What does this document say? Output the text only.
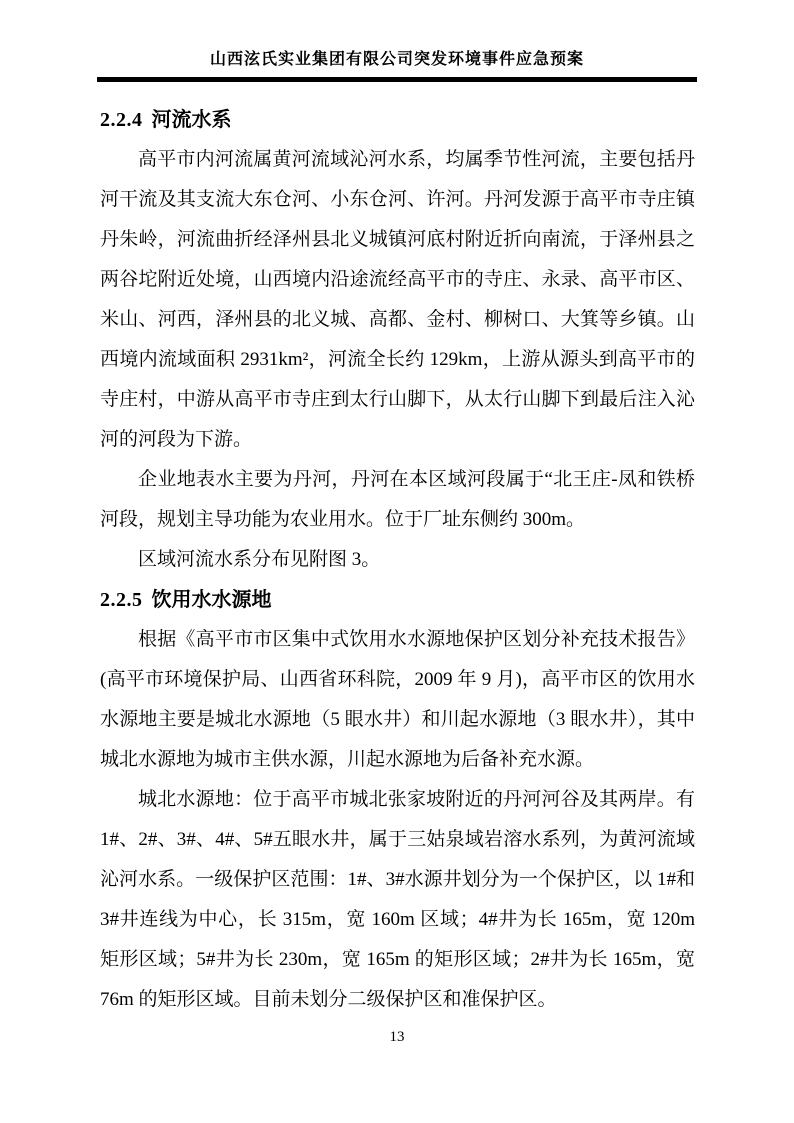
山西泫氏实业集团有限公司突发环境事件应急预案
2.2.4 河流水系

高平市内河流属黄河流域沁河水系，均属季节性河流，主要包括丹河干流及其支流大东仓河、小东仓河、许河。丹河发源于高平市寺庄镇丹朱岭，河流曲折经泽州县北义城镇河底村附近折向南流，于泽州县之两谷坨附近处境，山西境内沿途流经高平市的寺庄、永录、高平市区、米山、河西，泽州县的北义城、高都、金村、柳树口、大箕等乡镇。山西境内流域面积 2931km²，河流全长约 129km，上游从源头到高平市的寺庄村，中游从高平市寺庄到太行山脚下，从太行山脚下到最后注入沁河的河段为下游。

企业地表水主要为丹河，丹河在本区域河段属于“北王庄-凤和铁桥河段，规划主导功能为农业用水。位于厂址东侧约 300m。

区域河流水系分布见附图 3。

2.2.5 饮用水水源地

根据《高平市市区集中式饮用水水源地保护区划分补充技术报告》(高平市环境保护局、山西省环科院，2009 年 9 月)，高平市区的饮用水水源地主要是城北水源地（5 眼水井）和川起水源地（3 眼水井），其中城北水源地为城市主供水源，川起水源地为后备补充水源。

城北水源地：位于高平市城北张家坡附近的丹河河谷及其两岸。有1#、2#、3#、4#、5#五眼水井，属于三姑泉域岩溶水系列，为黄河流域沁河水系。一级保护区范围：1#、3#水源井划分为一个保护区，以 1#和 3#井连线为中心，长 315m，宽 160m 区域；4#井为长 165m，宽 120m 矩形区域；5#井为长 230m，宽 165m 的矩形区域；2#井为长 165m，宽 76m 的矩形区域。目前未划分二级保护区和准保护区。

13
